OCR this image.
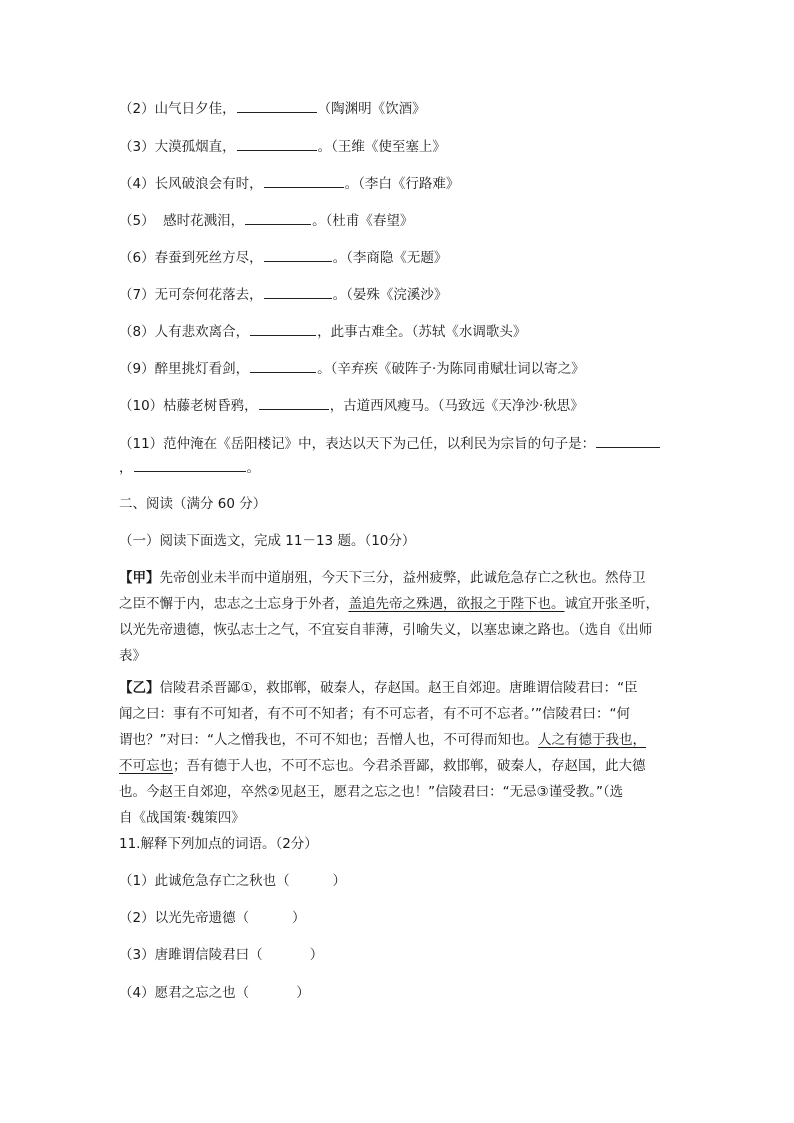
（2）山气日夕佳，	（陶渊明《饮酒》
（3）大漠孤烟直，	。（王维《使至塞上》
（4）长风破浪会有时，	。（李白《行路难》
（5）  感时花溅泪，	。（杜甫《春望》
（6）春蚕到死丝方尽，	。（李商隐《无题》
（7）无可奈何花落去，	。（晏殊《浣溪沙》
（8）人有悲欢离合，	，此事古难全。（苏轼《水调歌头》
（9）醉里挑灯看剑，	。（辛弃疾《破阵子·为陈同甫赋壮词以寄之》
（10）枯藤老树昏鸦，	，古道西风瘦马。（马致远《天净沙·秋思》
（11）范仲淹在《岳阳楼记》中，表达以天下为己任，以利民为宗旨的句子是：
，	。
二、阅读（满分 60 分）
（一）阅读下面选文，完成 11－13 题。（10分）
【甲】先帝创业未半而中道崩殂，今天下三分，益州疲弊，此诚危急存亡之秋也。然侍卫
之臣不懈于内，忠志之士忘身于外者，盖追先帝之殊遇，欲报之于陛下也。诚宜开张圣听，
以光先帝遗德，恢弘志士之气，不宜妄自菲薄，引喻失义，以塞忠谏之路也。（选自《出师
表》
【乙】信陵君杀晋鄙①，救邯郸，破秦人，存赵国。赵王自郊迎。唐雎谓信陵君曰：“臣
闻之曰：事有不可知者，有不可不知者；有不可忘者，有不可不忘者。’”信陵君曰：“何
谓也？”对曰：“人之憎我也，不可不知也；吾憎人也，不可得而知也。人之有德于我也，
不可忘也；吾有德于人也，不可不忘也。今君杀晋鄙，救邯郸，破秦人，存赵国，此大德
也。今赵王自郊迎，卒然②见赵王，愿君之忘之也！”信陵君曰：“无忌③谨受教。”（选
自《战国策·魏策四》
11.解释下列加点的词语。（2分）
（1）此诚危急存亡之秋也（          ）
（2）以光先帝遗德（          ）
（3）唐雎谓信陵君曰（           ）
（4）愿君之忘之也（           ）
